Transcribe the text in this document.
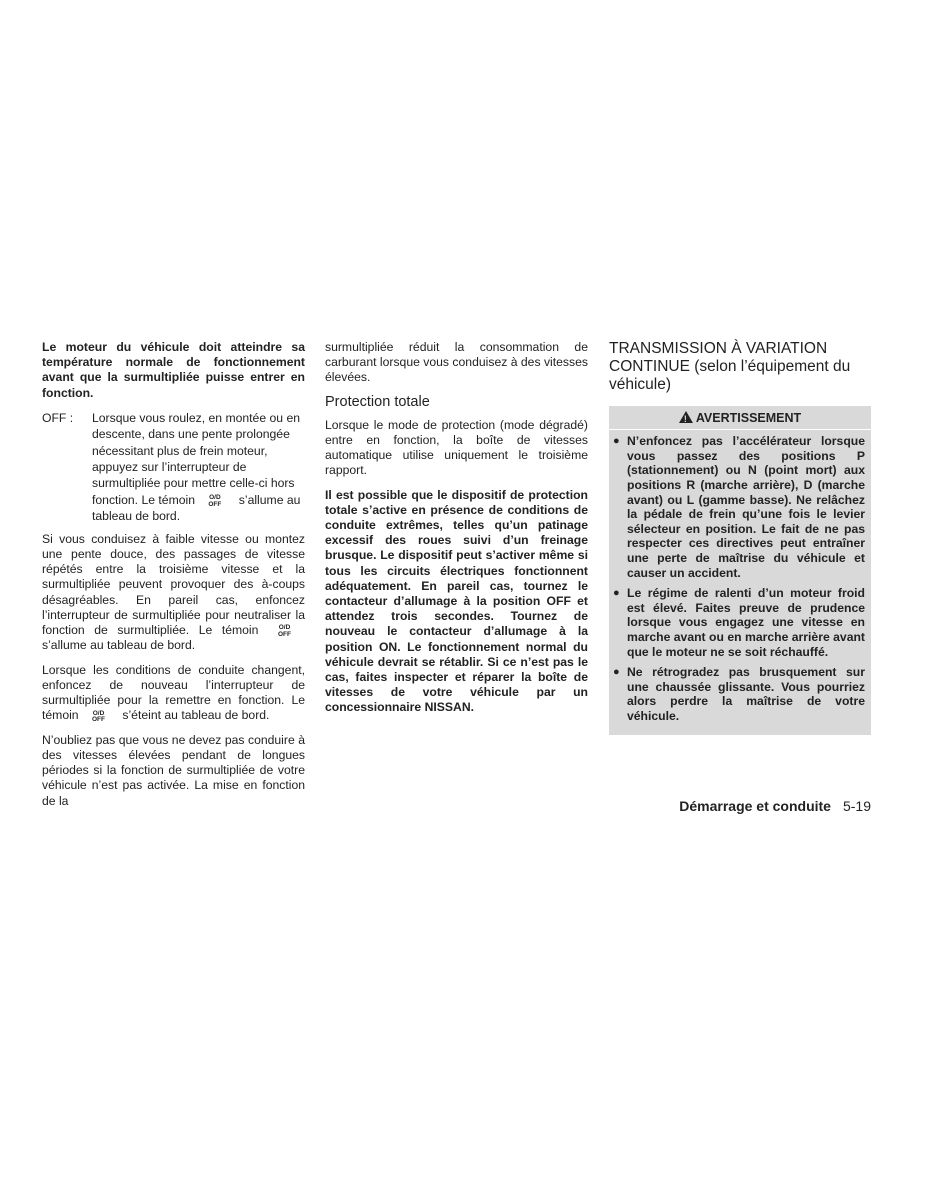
Le moteur du véhicule doit atteindre sa température normale de fonctionnement avant que la surmultipliée puisse entrer en fonction.

OFF :	Lorsque vous roulez, en montée ou en descente, dans une pente prolongée nécessitant plus de frein moteur, appuyez sur l’interrupteur de surmultipliée pour mettre celle-ci hors fonction. Le témoin O/D
OFF s’allume au tableau de bord.

Si vous conduisez à faible vitesse ou montez une pente douce, des passages de vitesse répétés entre la troisième vitesse et la surmultipliée peuvent provoquer des à-coups désagréables. En pareil cas, enfoncez l’interrupteur de surmultipliée pour neutraliser la fonction de surmultipliée. Le témoin	O/D
OFF
s’allume au tableau de bord.

Lorsque les conditions de conduite changent, enfoncez de nouveau l’interrupteur de surmultipliée pour la remettre en fonction. Le témoin O/D
OFF s’éteint au tableau de bord.

N’oubliez pas que vous ne devez pas conduire à des vitesses élevées pendant de longues périodes si la fonction de surmultipliée de votre véhicule n’est pas activée. La mise en fonction de la

surmultipliée réduit la consommation de carburant lorsque vous conduisez à des vitesses élevées.

Protection totale

Lorsque le mode de protection (mode dégradé) entre en fonction, la boîte de vitesses automatique utilise uniquement le troisième rapport.

Il est possible que le dispositif de protection totale s’active en présence de conditions de conduite extrêmes, telles qu’un patinage excessif des roues suivi d’un freinage brusque. Le dispositif peut s’activer même si tous les circuits électriques fonctionnent adéquatement. En pareil cas, tournez le contacteur d’allumage à la position OFF et attendez trois secondes. Tournez de nouveau le contacteur d’allumage à la position ON. Le fonctionnement normal du véhicule devrait se rétablir. Si ce n’est pas le cas, faites inspecter et réparer la boîte de vitesses de votre véhicule par un concessionnaire NISSAN.

TRANSMISSION À VARIATION CONTINUE (selon l’équipement du véhicule)
!AVERTISSEMENT
● N’enfoncez pas l’accélérateur lorsque vous passez des positions P (stationnement) ou N (point mort) aux positions R (marche arrière), D (marche avant) ou L (gamme basse). Ne relâchez la pédale de frein qu’une fois le levier sélecteur en position. Le fait de ne pas respecter ces directives peut entraîner une perte de maîtrise du véhicule et causer un accident.
● Le régime de ralenti d’un moteur froid est élevé. Faites preuve de prudence lorsque vous engagez une vitesse en marche avant ou en marche arrière avant que le moteur ne se soit réchauffé.
● Ne rétrogradez pas brusquement sur une chaussée glissante. Vous pourriez alors perdre la maîtrise de votre véhicule.
Démarrage et conduite 5-19
